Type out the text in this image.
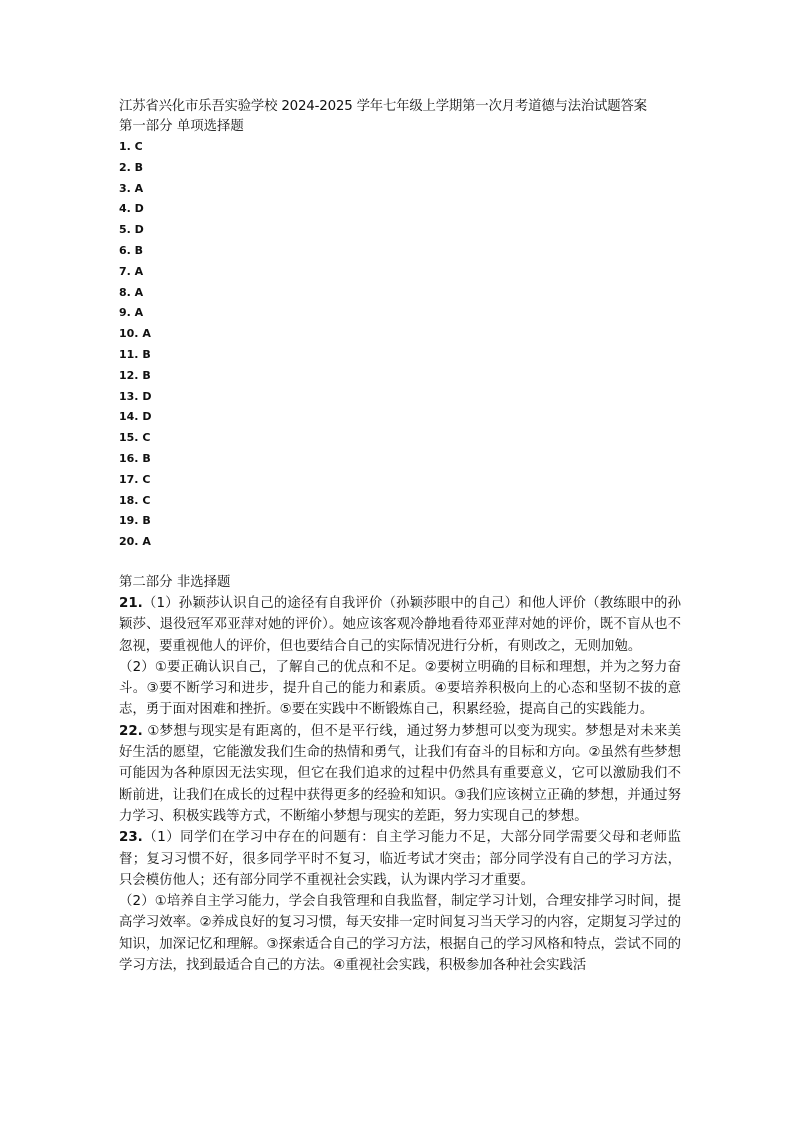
江苏省兴化市乐吾实验学校 2024-2025 学年七年级上学期第一次月考道德与法治试题答案
第一部分 单项选择题
1. C
2. B
3. A
4. D
5. D
6. B
7. A
8. A
9. A
10. A
11. B
12. B
13. D
14. D
15. C
16. B
17. C
18. C
19. B
20. A
第二部分 非选择题

21.（1）孙颖莎认识自己的途径有自我评价（孙颖莎眼中的自己）和他人评价（教练眼中的孙颖莎、退役冠军邓亚萍对她的评价）。她应该客观冷静地看待邓亚萍对她的评价，既不盲从也不忽视，要重视他人的评价，但也要结合自己的实际情况进行分析，有则改之，无则加勉。

（2）①要正确认识自己，了解自己的优点和不足。②要树立明确的目标和理想，并为之努力奋斗。③要不断学习和进步，提升自己的能力和素质。④要培养积极向上的心态和坚韧不拔的意志，勇于面对困难和挫折。⑤要在实践中不断锻炼自己，积累经验，提高自己的实践能力。

22. ①梦想与现实是有距离的，但不是平行线，通过努力梦想可以变为现实。梦想是对未来美好生活的愿望，它能激发我们生命的热情和勇气，让我们有奋斗的目标和方向。②虽然有些梦想可能因为各种原因无法实现，但它在我们追求的过程中仍然具有重要意义，它可以激励我们不断前进，让我们在成长的过程中获得更多的经验和知识。③我们应该树立正确的梦想，并通过努力学习、积极实践等方式，不断缩小梦想与现实的差距，努力实现自己的梦想。

23.（1）同学们在学习中存在的问题有：自主学习能力不足，大部分同学需要父母和老师监督；复习习惯不好，很多同学平时不复习，临近考试才突击；部分同学没有自己的学习方法，只会模仿他人；还有部分同学不重视社会实践，认为课内学习才重要。

（2）①培养自主学习能力，学会自我管理和自我监督，制定学习计划，合理安排学习时间，提高学习效率。②养成良好的复习习惯，每天安排一定时间复习当天学习的内容，定期复习学过的知识，加深记忆和理解。③探索适合自己的学习方法，根据自己的学习风格和特点，尝试不同的学习方法，找到最适合自己的方法。④重视社会实践，积极参加各种社会实践活
